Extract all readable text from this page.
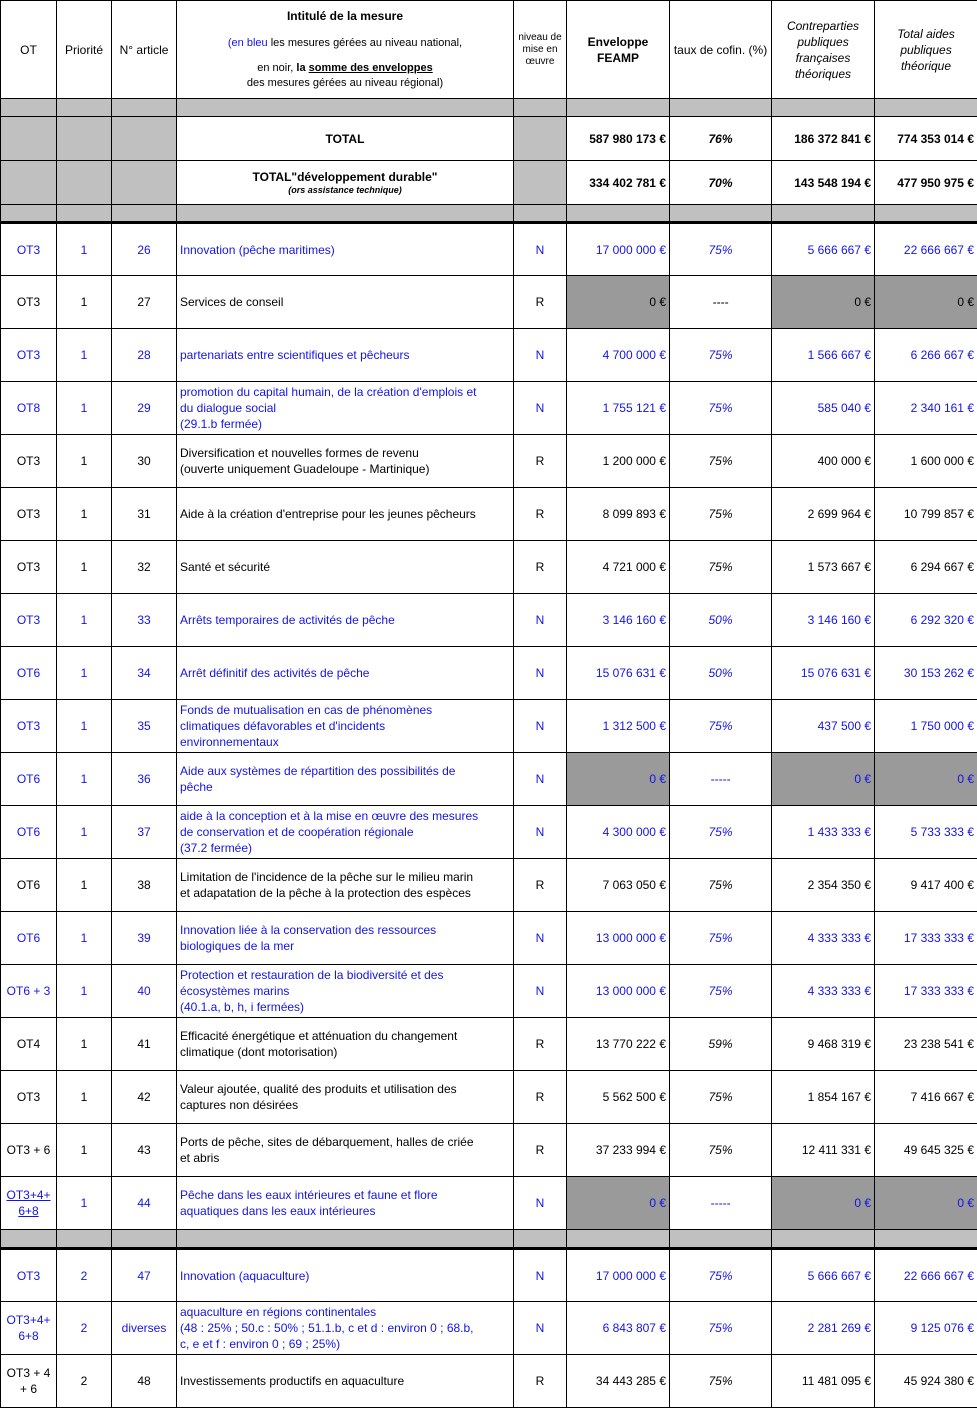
OT	Priorité	N° article	Intitulé de la mesure
(en bleu les mesures gérées au niveau national,
en noir, la somme des enveloppes
des mesures gérées au niveau régional)	niveau de mise en œuvre	Enveloppe FEAMP	taux de cofin. (%)	Contreparties publiques françaises théoriques	Total aides publiques théorique

			TOTAL		587 980 173 €	76%	186 372 841 €	774 353 014 €

			TOTAL"développement durable"
(ors assistance technique)		334 402 781 €	70%	143 548 194 €	477 950 975 €

OT3	1	26	Innovation (pêche maritimes)	N	17 000 000 €	75%	5 666 667 €	22 666 667 €
OT3	1	27	Services de conseil	R	0 €	----	0 €	0 €
OT3	1	28	partenariats entre scientifiques et pêcheurs	N	4 700 000 €	75%	1 566 667 €	6 266 667 €
OT8	1	29	promotion du capital humain, de la création d'emplois et
du dialogue social
(29.1.b fermée)	N	1 755 121 €	75%	585 040 €	2 340 161 €
OT3	1	30	Diversification et nouvelles formes de revenu
(ouverte uniquement Guadeloupe - Martinique)	R	1 200 000 €	75%	400 000 €	1 600 000 €
OT3	1	31	Aide à la création d'entreprise pour les jeunes pêcheurs	R	8 099 893 €	75%	2 699 964 €	10 799 857 €
OT3	1	32	Santé et sécurité	R	4 721 000 €	75%	1 573 667 €	6 294 667 €
OT3	1	33	Arrêts temporaires de activités de pêche	N	3 146 160 €	50%	3 146 160 €	6 292 320 €
OT6	1	34	Arrêt définitif des activités de pêche	N	15 076 631 €	50%	15 076 631 €	30 153 262 €
OT3	1	35	Fonds de mutualisation en cas de phénomènes
climatiques défavorables et d'incidents
environnementaux	N	1 312 500 €	75%	437 500 €	1 750 000 €
OT6	1	36	Aide aux systèmes de répartition des possibilités de
pêche	N	0 €	-----	0 €	0 €
OT6	1	37	aide à la conception et à la mise en œuvre des mesures
de conservation et de coopération régionale
(37.2 fermée)	N	4 300 000 €	75%	1 433 333 €	5 733 333 €
OT6	1	38	Limitation de l'incidence de la pêche sur le milieu marin
et adapatation de la pêche à la protection des espèces	R	7 063 050 €	75%	2 354 350 €	9 417 400 €
OT6	1	39	Innovation liée à la conservation des ressources
biologiques de la mer	N	13 000 000 €	75%	4 333 333 €	17 333 333 €
OT6 + 3	1	40	Protection et restauration de la biodiversité et des
écosystèmes marins
(40.1.a, b, h, i fermées)	N	13 000 000 €	75%	4 333 333 €	17 333 333 €
OT4	1	41	Efficacité énergétique et atténuation du changement
climatique (dont motorisation)	R	13 770 222 €	59%	9 468 319 €	23 238 541 €
OT3	1	42	Valeur ajoutée, qualité des produits et utilisation des
captures non désirées	R	5 562 500 €	75%	1 854 167 €	7 416 667 €
OT3 + 6	1	43	Ports de pêche, sites de débarquement, halles de criée
et abris	R	37 233 994 €	75%	12 411 331 €	49 645 325 €
OT3+4+ 6+8	1	44	Pêche dans les eaux intérieures et faune et flore
aquatiques dans les eaux intérieures	N	0 €	-----	0 €	0 €

OT3	2	47	Innovation (aquaculture)	N	17 000 000 €	75%	5 666 667 €	22 666 667 €
OT3+4+ 6+8	2	diverses	aquaculture en régions continentales
(48 : 25% ; 50.c : 50% ; 51.1.b, c et d : environ 0 ; 68.b,
c, e et f : environ 0 ; 69 ; 25%)	N	6 843 807 €	75%	2 281 269 €	9 125 076 €
OT3 + 4 + 6	2	48	Investissements productifs en aquaculture	R	34 443 285 €	75%	11 481 095 €	45 924 380 €
